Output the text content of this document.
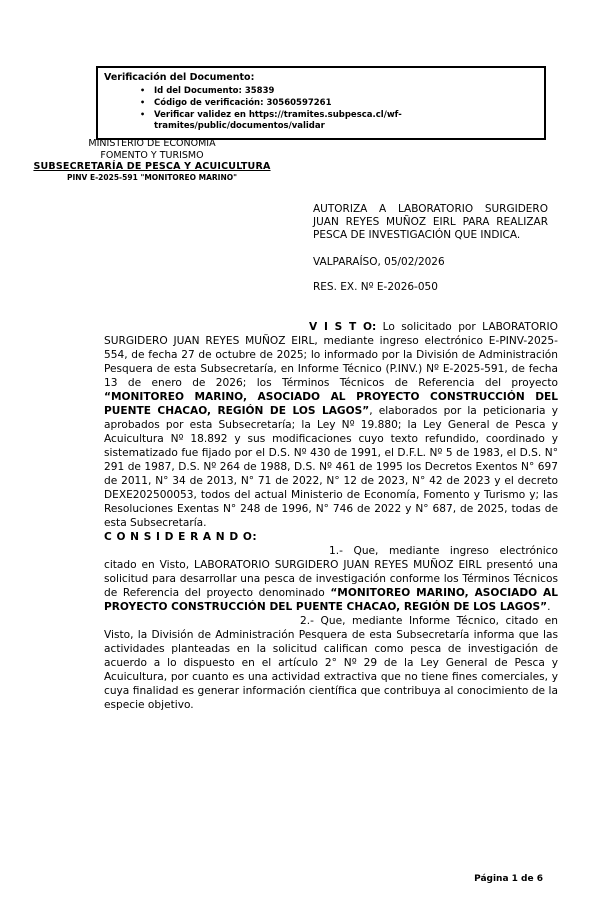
Verificación del Documento:
•	Id del Documento: 35839
•	Código de verificación: 30560597261
•	Verificar validez en https://tramites.subpesca.cl/wf-tramites/public/documentos/validar
MINISTERIO DE ECONOMIA
FOMENTO Y TURISMO
SUBSECRETARÍA DE PESCA Y ACUICULTURA
PINV E-2025-591 "MONITOREO MARINO"

AUTORIZA A LABORATORIO SURGIDERO JUAN REYES MUÑOZ EIRL PARA REALIZAR PESCA DE INVESTIGACIÓN QUE INDICA.

VALPARAÍSO, 05/02/2026

RES. EX. Nº E-2026-050

V I S T O: Lo solicitado por LABORATORIO SURGIDERO JUAN REYES MUÑOZ EIRL, mediante ingreso electrónico E-PINV-2025-554, de fecha 27 de octubre de 2025; lo informado por la División de Administración Pesquera de esta Subsecretaría, en Informe Técnico (P.INV.) Nº E-2025-591, de fecha 13 de enero de 2026; los Términos Técnicos de Referencia del proyecto “MONITOREO MARINO, ASOCIADO AL PROYECTO CONSTRUCCIÓN DEL PUENTE CHACAO, REGIÓN DE LOS LAGOS”, elaborados por la peticionaria y aprobados por esta Subsecretaría; la Ley Nº 19.880; la Ley General de Pesca y Acuicultura Nº 18.892 y sus modificaciones cuyo texto refundido, coordinado y sistematizado fue fijado por el D.S. Nº 430 de 1991, el D.F.L. Nº 5 de 1983, el D.S. N° 291 de 1987, D.S. Nº 264 de 1988, D.S. Nº 461 de 1995 los Decretos Exentos N° 697 de 2011, N° 34 de 2013, N° 71 de 2022, N° 12 de 2023, N° 42 de 2023 y el decreto DEXE202500053, todos del actual Ministerio de Economía, Fomento y Turismo y; las Resoluciones Exentas N° 248 de 1996, N° 746 de 2022 y N° 687, de 2025, todas de esta Subsecretaría.

C O N S I D E R A N D O:

1.- Que, mediante ingreso electrónico citado en Visto, LABORATORIO SURGIDERO JUAN REYES MUÑOZ EIRL presentó una solicitud para desarrollar una pesca de investigación conforme los Términos Técnicos de Referencia del proyecto denominado “MONITOREO MARINO, ASOCIADO AL PROYECTO CONSTRUCCIÓN DEL PUENTE CHACAO, REGIÓN DE LOS LAGOS”.

2.- Que, mediante Informe Técnico, citado en Visto, la División de Administración Pesquera de esta Subsecretaría informa que las actividades planteadas en la solicitud califican como pesca de investigación de acuerdo a lo dispuesto en el artículo 2° Nº 29 de la Ley General de Pesca y Acuicultura, por cuanto es una actividad extractiva que no tiene fines comerciales, y cuya finalidad es generar información científica que contribuya al conocimiento de la especie objetivo.

Página 1 de 6
